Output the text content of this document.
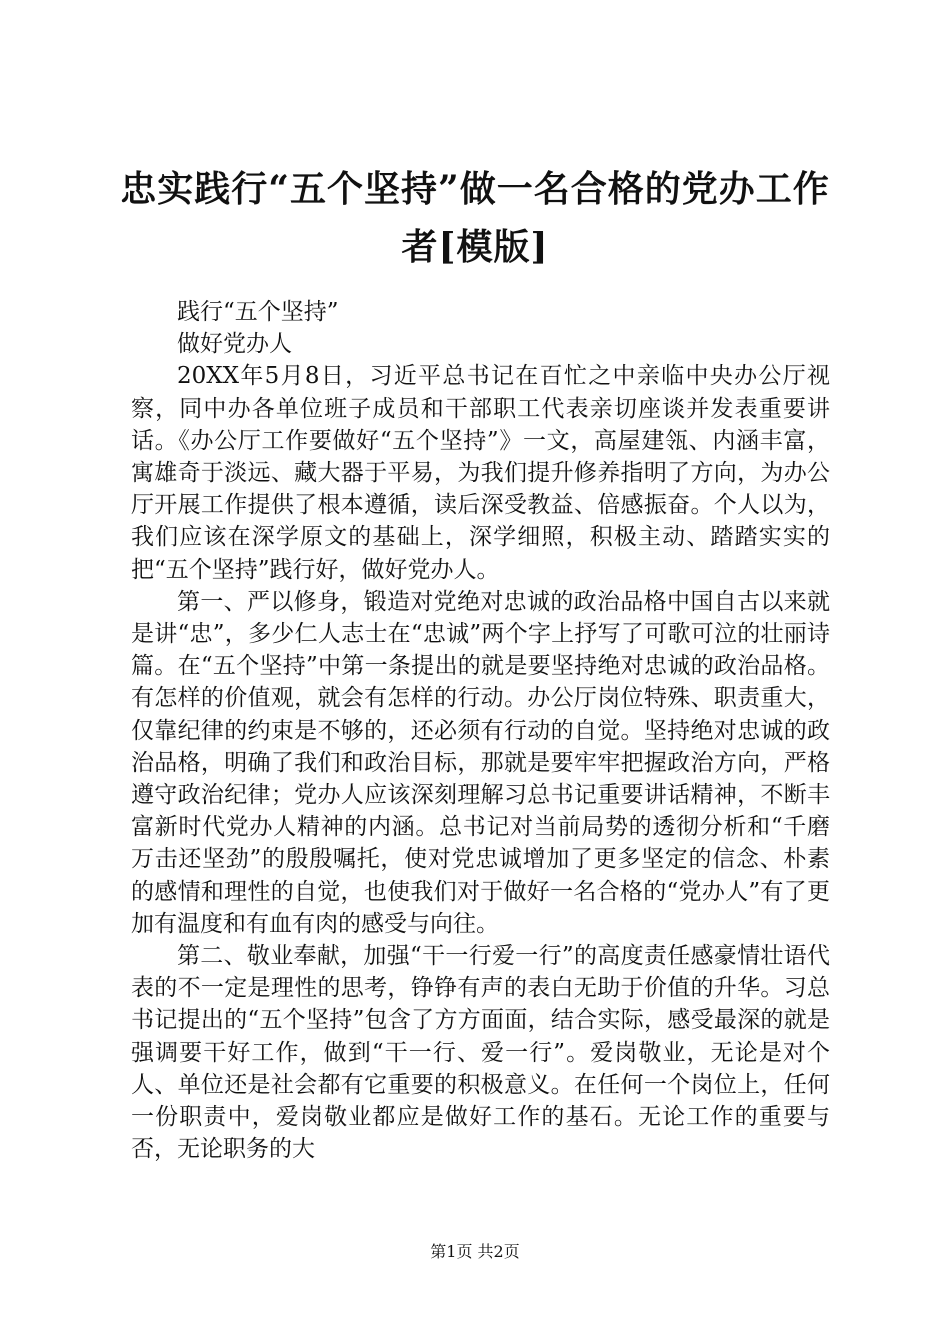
忠实践行“五个坚持”做一名合格的党办工作
者[模版]

践行“五个坚持”

做好党办人

20XX年5月8日，习近平总书记在百忙之中亲临中央办公厅视察，同中办各单位班子成员和干部职工代表亲切座谈并发表重要讲话。《办公厅工作要做好“五个坚持”》一文，高屋建瓴、内涵丰富，寓雄奇于淡远、藏大器于平易，为我们提升修养指明了方向，为办公厅开展工作提供了根本遵循，读后深受教益、倍感振奋。个人以为，我们应该在深学原文的基础上，深学细照，积极主动、踏踏实实的把“五个坚持”践行好，做好党办人。

第一、严以修身，锻造对党绝对忠诚的政治品格中国自古以来就是讲“忠”，多少仁人志士在“忠诚”两个字上抒写了可歌可泣的壮丽诗篇。在“五个坚持”中第一条提出的就是要坚持绝对忠诚的政治品格。有怎样的价值观，就会有怎样的行动。办公厅岗位特殊、职责重大，仅靠纪律的约束是不够的，还必须有行动的自觉。坚持绝对忠诚的政治品格，明确了我们和政治目标，那就是要牢牢把握政治方向，严格遵守政治纪律；党办人应该深刻理解习总书记重要讲话精神，不断丰富新时代党办人精神的内涵。总书记对当前局势的透彻分析和“千磨万击还坚劲”的殷殷嘱托，使对党忠诚增加了更多坚定的信念、朴素的感情和理性的自觉，也使我们对于做好一名合格的“党办人”有了更加有温度和有血有肉的感受与向往。

第二、敬业奉献，加强“干一行爱一行”的高度责任感豪情壮语代表的不一定是理性的思考，铮铮有声的表白无助于价值的升华。习总书记提出的“五个坚持”包含了方方面面，结合实际，感受最深的就是强调要干好工作，做到“干一行、爱一行”。爱岗敬业，无论是对个人、单位还是社会都有它重要的积极意义。在任何一个岗位上，任何一份职责中，爱岗敬业都应是做好工作的基石。无论工作的重要与否，无论职务的大

第1页 共2页
